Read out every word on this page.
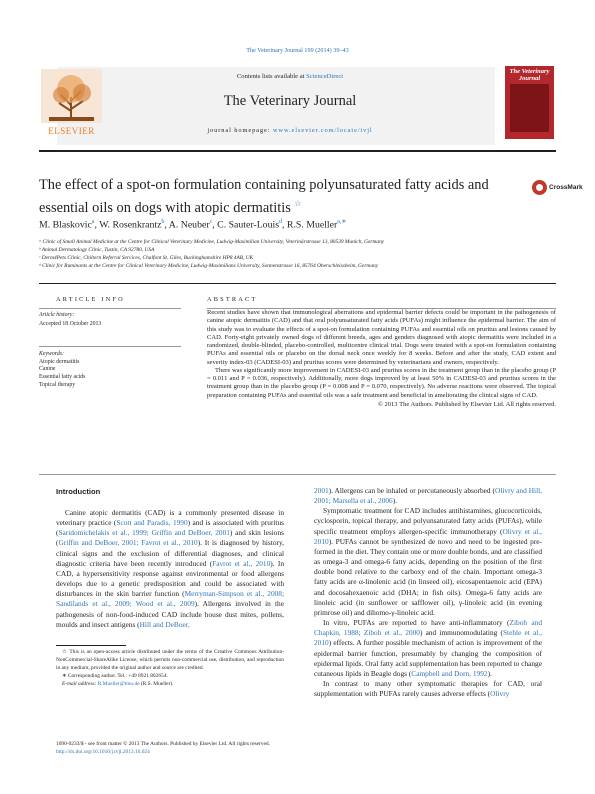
The Veterinary Journal 199 (2014) 39–43
ELSEVIER
Contents lists available at ScienceDirect
The Veterinary Journal
journal homepage: www.elsevier.com/locate/tvjl
The Veterinary Journal
The effect of a spot-on formulation containing polyunsaturated fatty acids and essential oils on dogs with atopic dermatitis ☆
CrossMark
M. Blaskovic$^a$, W. Rosenkrantz$^b$, A. Neuber$^c$, C. Sauter-Louis$^d$, R.S. Mueller$^{a,∗}$
ᵃ Clinic of Small Animal Medicine at the Centre for Clinical Veterinary Medicine, Ludwig-Maximilian University, Veterinärstrasse 13, 80539 Munich, Germany
ᵇ Animal Dermatology Clinic, Tustin, CA 92780, USA
ᶜ Derm4Pets Clinic, Chiltern Referral Services, Chalfont St. Giles, Buckinghamshire HP8 4AB, UK
ᵈ Clinic for Ruminants at the Centre for Clinical Veterinary Medicine, Ludwig-Maximilians University, Sonnenstrasse 16, 85764 Oberschleissheim, Germany
ARTICLE INFO
Article history:
Accepted 18 October 2013
Keywords:
Atopic dermatitis
Canine
Essential fatty acids
Topical therapy
ABSTRACT

Recent studies have shown that immunological aberrations and epidermal barrier defects could be important in the pathogenesis of canine atopic dermatitis (CAD) and that oral polyunsaturated fatty acids (PUFAs) might influence the epidermal barrier. The aim of this study was to evaluate the effects of a spot-on formulation containing PUFAs and essential oils on pruritus and lesions caused by CAD. Forty-eight privately owned dogs of different breeds, ages and genders diagnosed with atopic dermatitis were included in a randomized, double-blinded, placebo-controlled, multicentre clinical trial. Dogs were treated with a spot-on formulation containing PUFAs and essential oils or placebo on the dorsal neck once weekly for 8 weeks. Before and after the study, CAD extent and severity index-03 (CADESI-03) and pruritus scores were determined by veterinarians and owners, respectively.

There was significantly more improvement in CADESI-03 and pruritus scores in the treatment group than in the placebo group (P = 0.011 and P = 0.036, respectively). Additionally, more dogs improved by at least 50% in CADESI-03 and pruritus scores in the treatment group than in the placebo group (P = 0.008 and P = 0.070, respectively). No adverse reactions were observed. The topical preparation containing PUFAs and essential oils was a safe treatment and beneficial in ameliorating the clinical signs of CAD.

© 2013 The Authors. Published by Elsevier Ltd. All rights reserved.

Introduction

Canine atopic dermatitis (CAD) is a commonly presented disease in veterinary practice (Scott and Paradis, 1990) and is associated with pruritus (Saridomichelakis et al., 1999; Griffin and DeBoer, 2001) and skin lesions (Griffin and DeBoer, 2001; Favrot et al., 2010). It is diagnosed by history, clinical signs and the exclusion of differential diagnoses, and clinical diagnostic criteria have been recently introduced (Favrot et al., 2010). In CAD, a hypersensitivity response against environmental or food allergens develops due to a genetic predisposition and could be associated with disturbances in the skin barrier function (Merryman-Simpson et al., 2008; Sandilands et al., 2009; Wood et al., 2009). Allergens involved in the pathogenesis of non-food-induced CAD include house dust mites, pollens, moulds and insect antigens (Hill and DeBoer,

2001). Allergens can be inhaled or percutaneously absorbed (Olivry and Hill, 2001; Marsella et al., 2006).

Symptomatic treatment for CAD includes antihistamines, glucocorticoids, cyclosporin, topical therapy, and polyunsaturated fatty acids (PUFAs), while specific treatment employs allergen-specific immunotherapy (Olivry et al., 2010). PUFAs cannot be synthesized de novo and need to be ingested pre-formed in the diet. They contain one or more double bonds, and are classified as omega-3 and omega-6 fatty acids, depending on the position of the first double bond relative to the carboxy end of the chain. Important omega-3 fatty acids are α-linolenic acid (in linseed oil), eicosapentaenoic acid (EPA) and docosahexaenoic acid (DHA; in fish oils). Omega-6 fatty acids are linoleic acid (in sunflower or safflower oil), γ-linoleic acid (in evening primrose oil) and dihomo-γ-linoleic acid.

In vitro, PUFAs are reported to have anti-inflammatory (Ziboh and Chapkin, 1988; Ziboh et al., 2000) and immunomodulating (Stehle et al., 2010) effects. A further possible mechanism of action is improvement of the epidermal barrier function, presumably by changing the composition of epidermal lipids. Oral fatty acid supplementation has been reported to change cutaneous lipids in Beagle dogs (Campbell and Dorn, 1992).

In contrast to many other symptomatic therapies for CAD, oral supplementation with PUFAs rarely causes adverse effects (Olivry

☆ This is an open-access article distributed under the terms of the Creative Commons Attribution-NonCommercial-ShareAlike License, which permits non-commercial use, distribution, and reproduction in any medium, provided the original author and source are credited.

∗ Corresponding author. Tel.: +49 8921 802654.

E-mail address: R.Mueller@lmu.de (R.S. Mueller).

1090-0233/$ - see front matter © 2013 The Authors. Published by Elsevier Ltd. All rights reserved.
http://dx.doi.org/10.1016/j.tvjl.2013.10.024
